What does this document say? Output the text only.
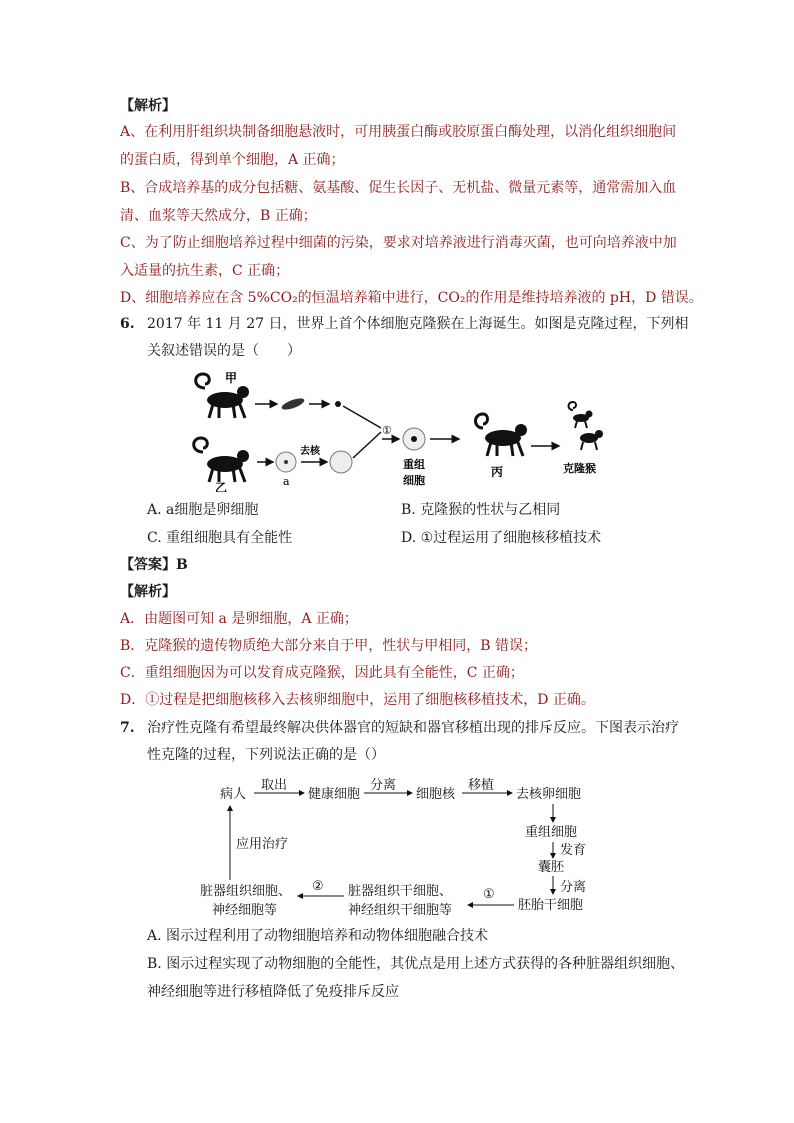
【解析】
A、在利用肝组织块制备细胞悬液时，可用胰蛋白酶或胶原蛋白酶处理，以消化组织细胞间
的蛋白质，得到单个细胞，A 正确；
B、合成培养基的成分包括糖、氨基酸、促生长因子、无机盐、微量元素等，通常需加入血
清、血浆等天然成分，B 正确；
C、为了防止细胞培养过程中细菌的污染，要求对培养液进行消毒灭菌，也可向培养液中加
入适量的抗生素，C 正确；
D、细胞培养应在含 5%CO₂的恒温培养箱中进行，CO₂的作用是维持培养液的 pH，D 错误。
6. 2017 年 11 月 27 日，世界上首个体细胞克隆猴在上海诞生。如图是克隆过程，下列相
关叙述错误的是（　　）
甲
乙	a
去核
①
重组
细胞
丙	克隆猴
A. a细胞是卵细胞	B. 克隆猴的性状与乙相同
C. 重组细胞具有全能性	D. ①过程运用了细胞核移植技术
【答案】B
【解析】
A．由题图可知 a 是卵细胞，A 正确；
B．克隆猴的遗传物质绝大部分来自于甲，性状与甲相同，B 错误；
C．重组细胞因为可以发育成克隆猴，因此具有全能性，C 正确；
D．①过程是把细胞核移入去核卵细胞中，运用了细胞核移植技术，D 正确。
7. 治疗性克隆有希望最终解决供体器官的短缺和器官移植出现的排斥反应。下图表示治疗
性克隆的过程，下列说法正确的是（）
病人
取出
健康细胞
分离
细胞核
移植
去核卵细胞
重组细胞
发育
囊胚
分离
胚胎干细胞
①
脏器组织干细胞、
神经组织干细胞等
②
脏器组织细胞、
神经细胞等
应用治疗
A. 图示过程利用了动物细胞培养和动物体细胞融合技术
B. 图示过程实现了动物细胞的全能性，其优点是用上述方式获得的各种脏器组织细胞、
神经细胞等进行移植降低了免疫排斥反应
